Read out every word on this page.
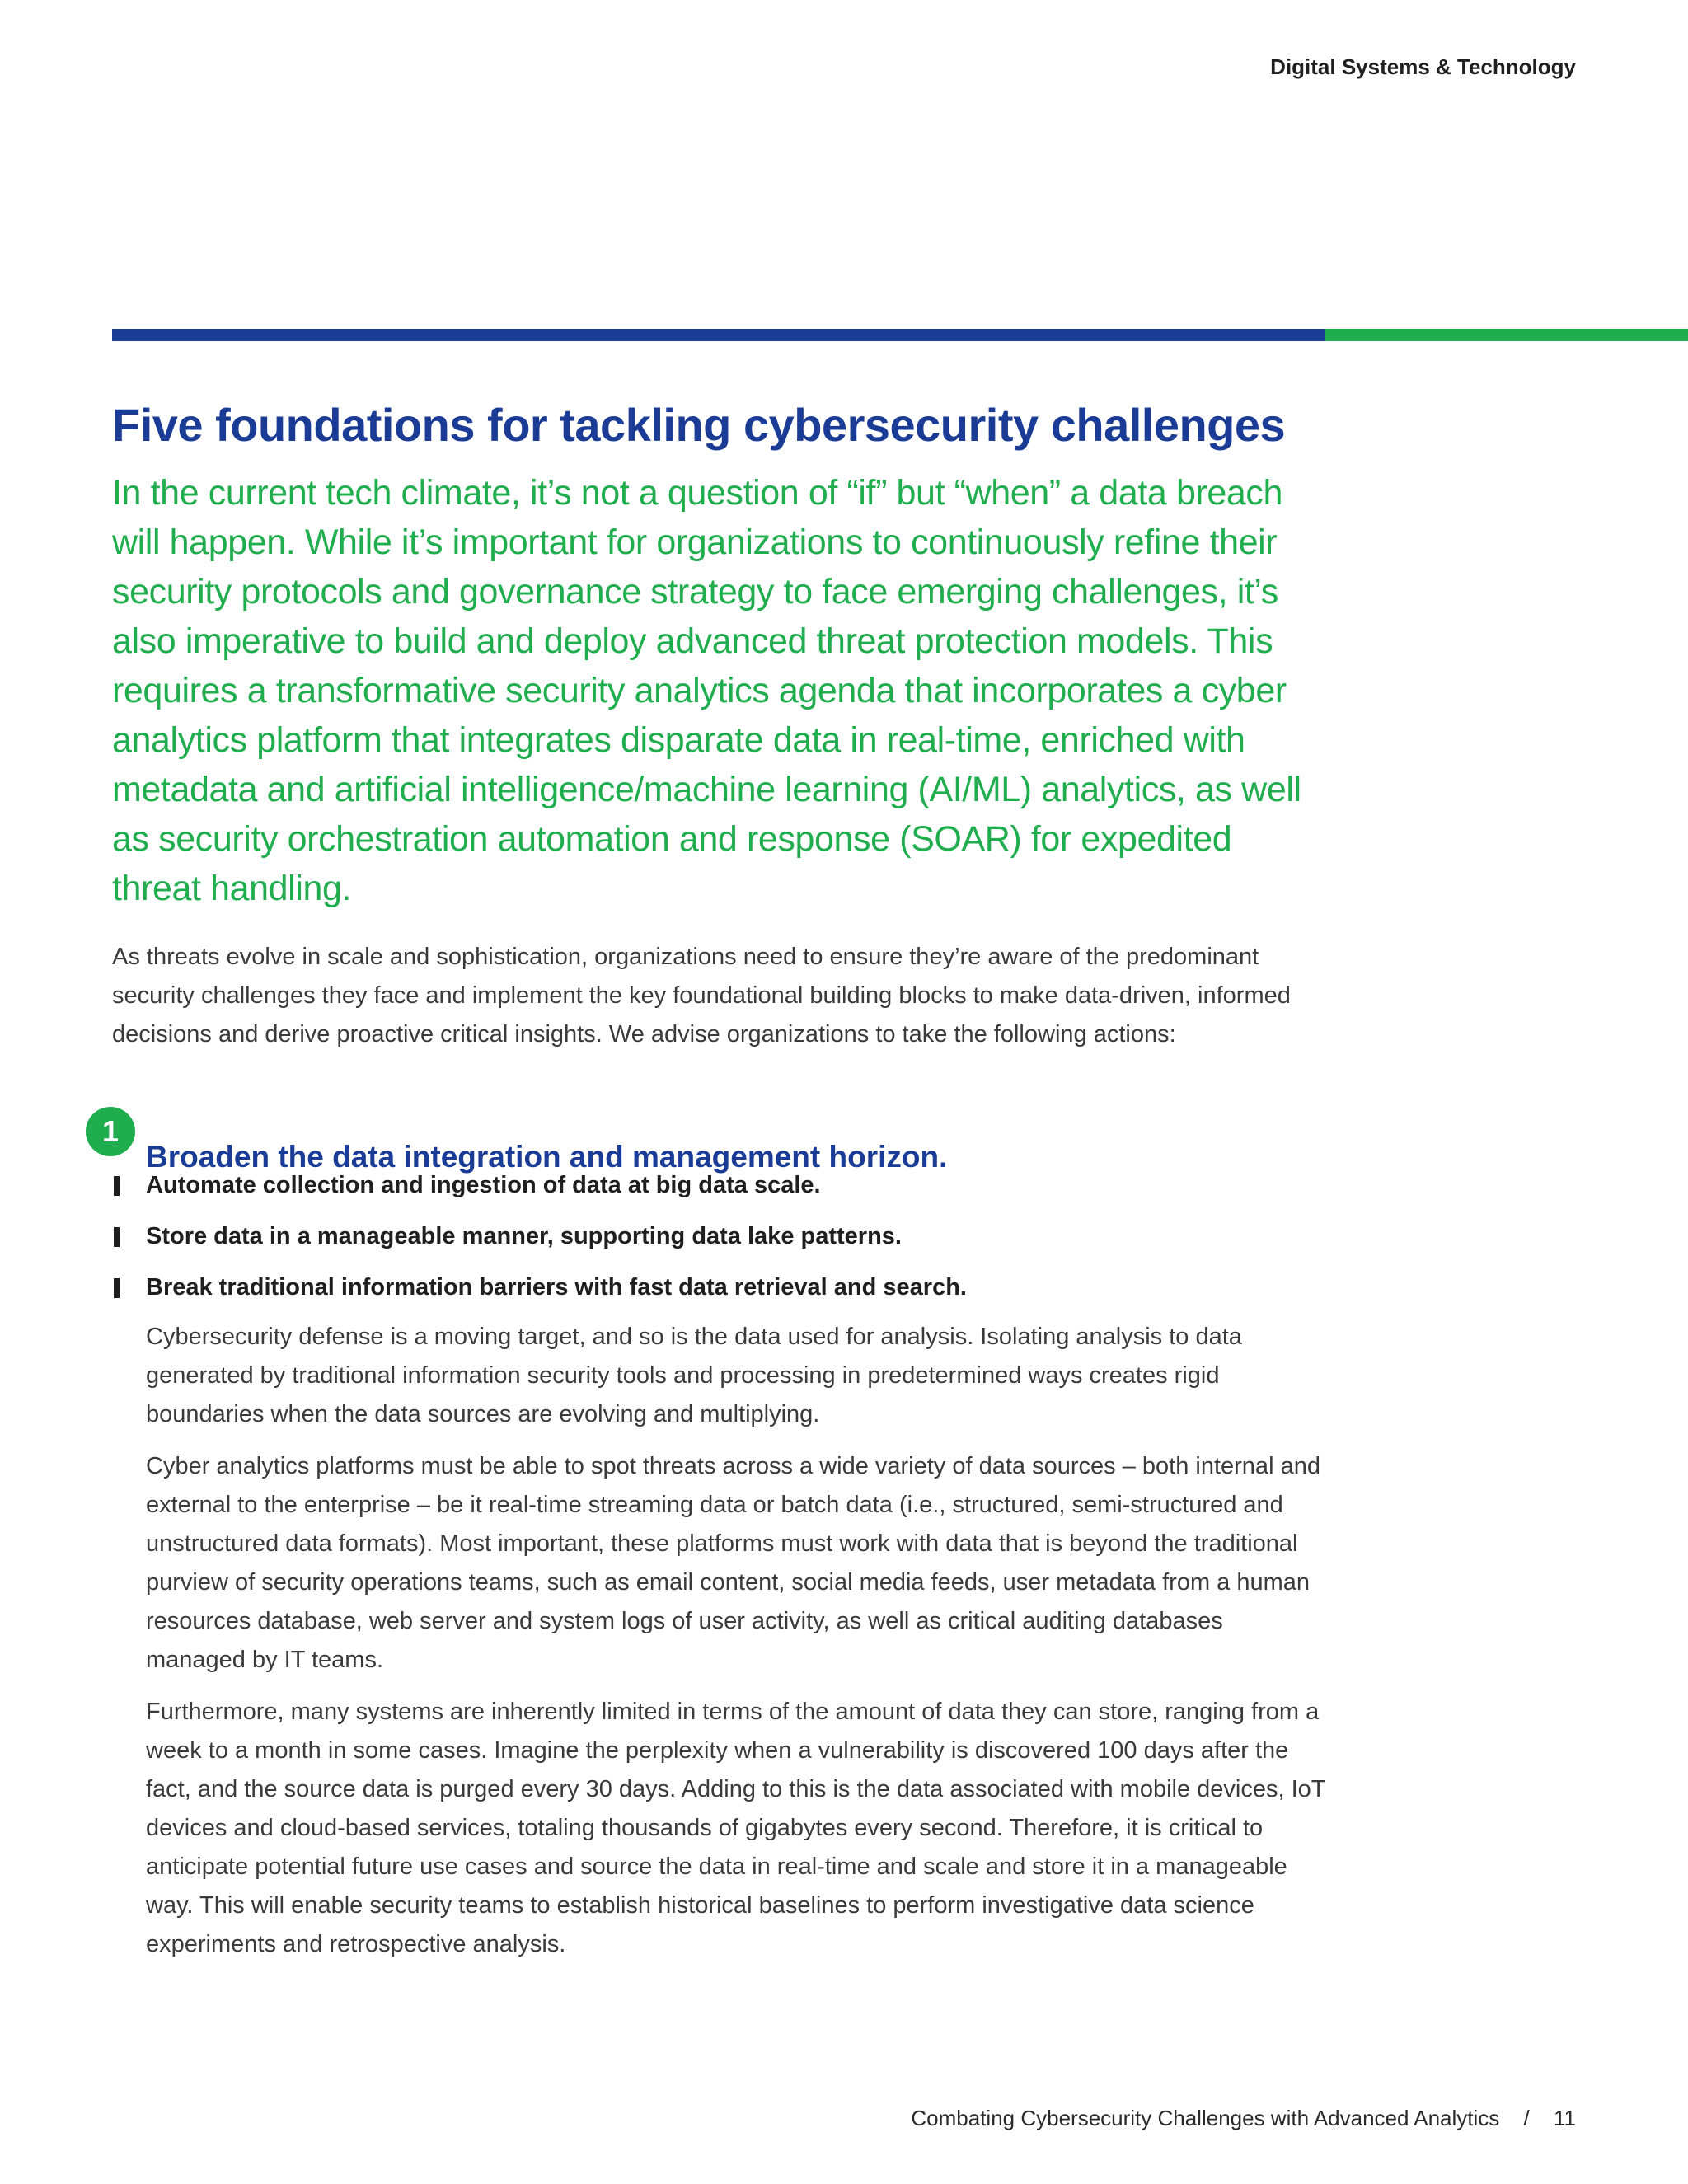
Digital Systems & Technology
Five foundations for tackling cybersecurity challenges

In the current tech climate, it’s not a question of “if” but “when” a data breach will happen. While it’s important for organizations to continuously refine their security protocols and governance strategy to face emerging challenges, it’s also imperative to build and deploy advanced threat protection models. This requires a transformative security analytics agenda that incorporates a cyber analytics platform that integrates disparate data in real-time, enriched with metadata and artificial intelligence/machine learning (AI/ML) analytics, as well as security orchestration automation and response (SOAR) for expedited threat handling.

As threats evolve in scale and sophistication, organizations need to ensure they’re aware of the predominant security challenges they face and implement the key foundational building blocks to make data-driven, informed decisions and derive proactive critical insights. We advise organizations to take the following actions:

1
Broaden the data integration and management horizon.
Automate collection and ingestion of data at big data scale.
Store data in a manageable manner, supporting data lake patterns.
Break traditional information barriers with fast data retrieval and search.

Cybersecurity defense is a moving target, and so is the data used for analysis. Isolating analysis to data generated by traditional information security tools and processing in predetermined ways creates rigid boundaries when the data sources are evolving and multiplying.

Cyber analytics platforms must be able to spot threats across a wide variety of data sources – both internal and external to the enterprise – be it real-time streaming data or batch data (i.e., structured, semi-structured and unstructured data formats). Most important, these platforms must work with data that is beyond the traditional purview of security operations teams, such as email content, social media feeds, user metadata from a human resources database, web server and system logs of user activity, as well as critical auditing databases managed by IT teams.

Furthermore, many systems are inherently limited in terms of the amount of data they can store, ranging from a week to a month in some cases. Imagine the perplexity when a vulnerability is discovered 100 days after the fact, and the source data is purged every 30 days. Adding to this is the data associated with mobile devices, IoT devices and cloud-based services, totaling thousands of gigabytes every second. Therefore, it is critical to anticipate potential future use cases and source the data in real-time and scale and store it in a manageable way. This will enable security teams to establish historical baselines to perform investigative data science experiments and retrospective analysis.

Combating Cybersecurity Challenges with Advanced Analytics / 11
